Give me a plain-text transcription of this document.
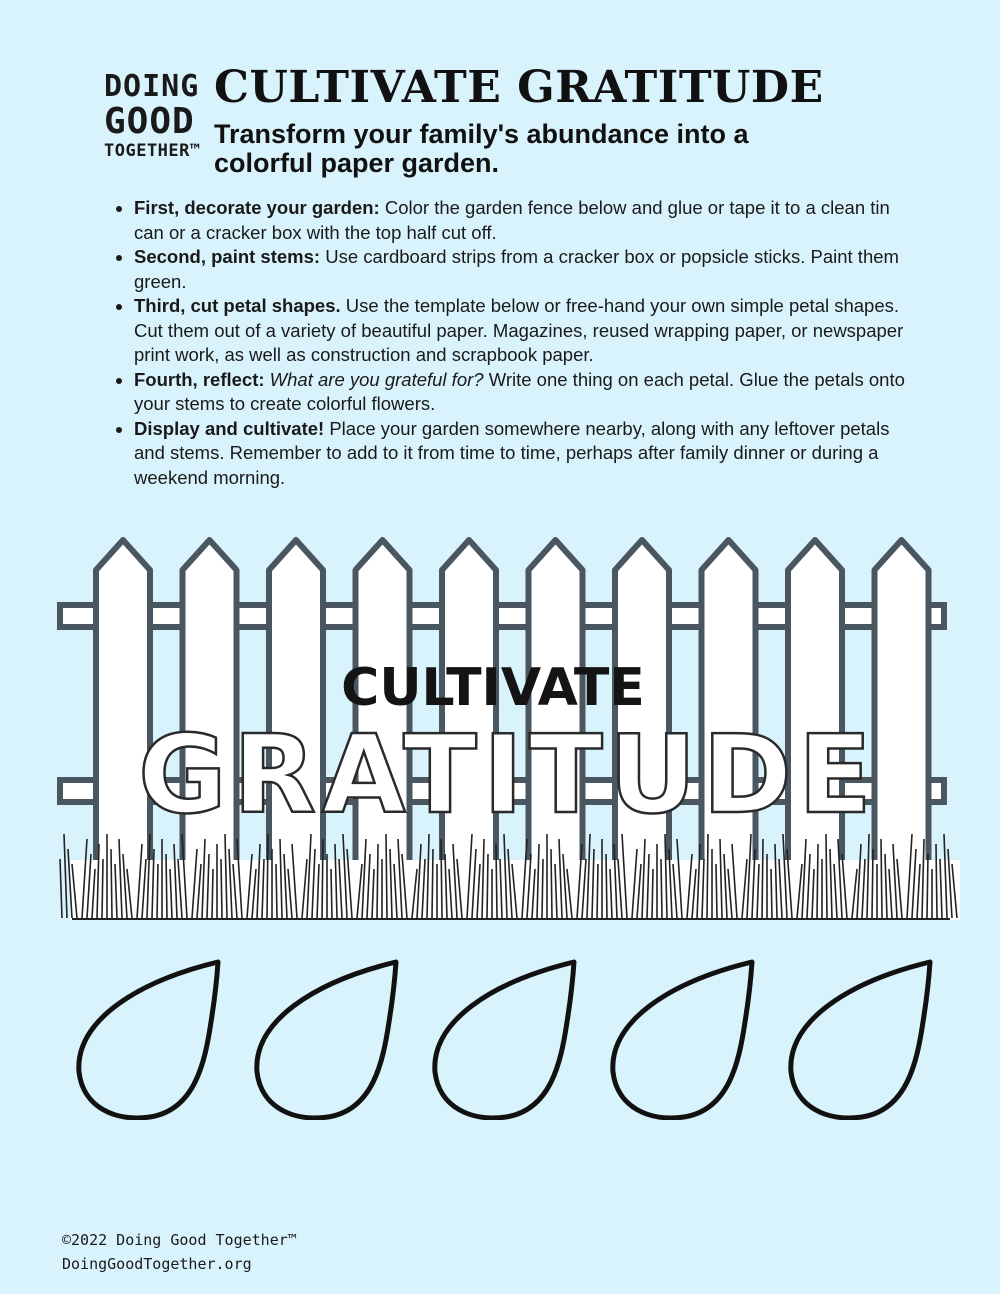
DOING
GOOD
TOGETHER™
CULTIVATE GRATITUDE

Transform your family's abundance into a colorful paper garden.

• First, decorate your garden: Color the garden fence below and glue or tape it to a clean tin can or a cracker box with the top half cut off.
• Second, paint stems: Use cardboard strips from a cracker box or popsicle sticks. Paint them green.
• Third, cut petal shapes. Use the template below or free-hand your own simple petal shapes. Cut them out of a variety of beautiful paper. Magazines, reused wrapping paper, or newspaper print work, as well as construction and scrapbook paper.
• Fourth, reflect: What are you grateful for? Write one thing on each petal. Glue the petals onto your stems to create colorful flowers.
• Display and cultivate! Place your garden somewhere nearby, along with any leftover petals and stems. Remember to add to it from time to time, perhaps after family dinner or during a weekend morning.
CULTIVATE
GRATITUDE
©2022 Doing Good Together™
DoingGoodTogether.org
